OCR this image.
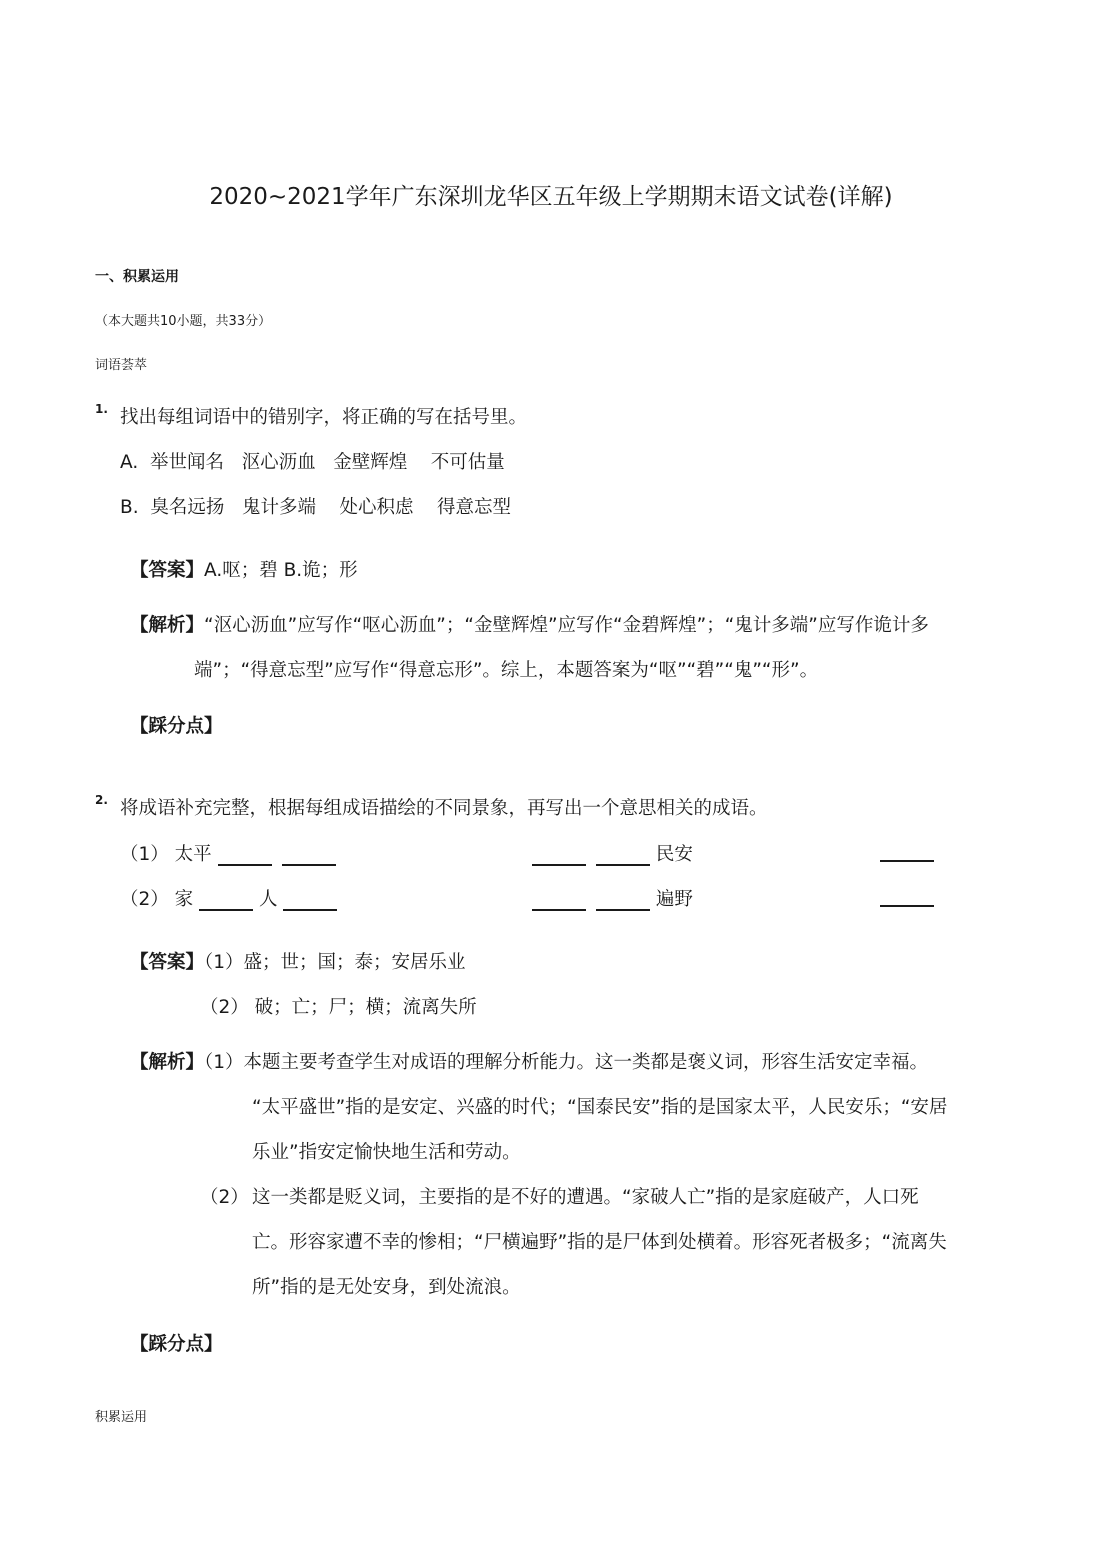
2020~2021学年广东深圳龙华区五年级上学期期末语文试卷(详解)
一、积累运用
（本大题共10小题，共33分）
词语荟萃
1. 找出每组词语中的错别字，将正确的写在括号里。
A.  举世闻名   沤心沥血   金壁辉煌    不可估量
B.  臭名远扬   鬼计多端    处心积虑    得意忘型
【答案】A.呕；碧 B.诡；形
【解析】“沤心沥血”应写作“呕心沥血”；“金壁辉煌”应写作“金碧辉煌”；“鬼计多端”应写作诡计多
端”；“得意忘型”应写作“得意忘形”。综上，本题答案为“呕”“碧”“鬼”“形”。
【踩分点】
2. 将成语补充完整，根据每组成语描绘的不同景象，再写出一个意思相关的成语。
（1） 太平	民安
（2） 家	人	遍野
【答案】（1）盛；世；国；泰；安居乐业
（2） 破；亡；尸；横；流离失所
【解析】（1）本题主要考查学生对成语的理解分析能力。这一类都是褒义词，形容生活安定幸福。
“太平盛世”指的是安定、兴盛的时代；“国泰民安”指的是国家太平，人民安乐；“安居
乐业”指安定愉快地生活和劳动。
（2） 这一类都是贬义词，主要指的是不好的遭遇。“家破人亡”指的是家庭破产，人口死
亡。形容家遭不幸的惨相；“尸横遍野”指的是尸体到处横着。形容死者极多；“流离失
所”指的是无处安身，到处流浪。
【踩分点】
积累运用
